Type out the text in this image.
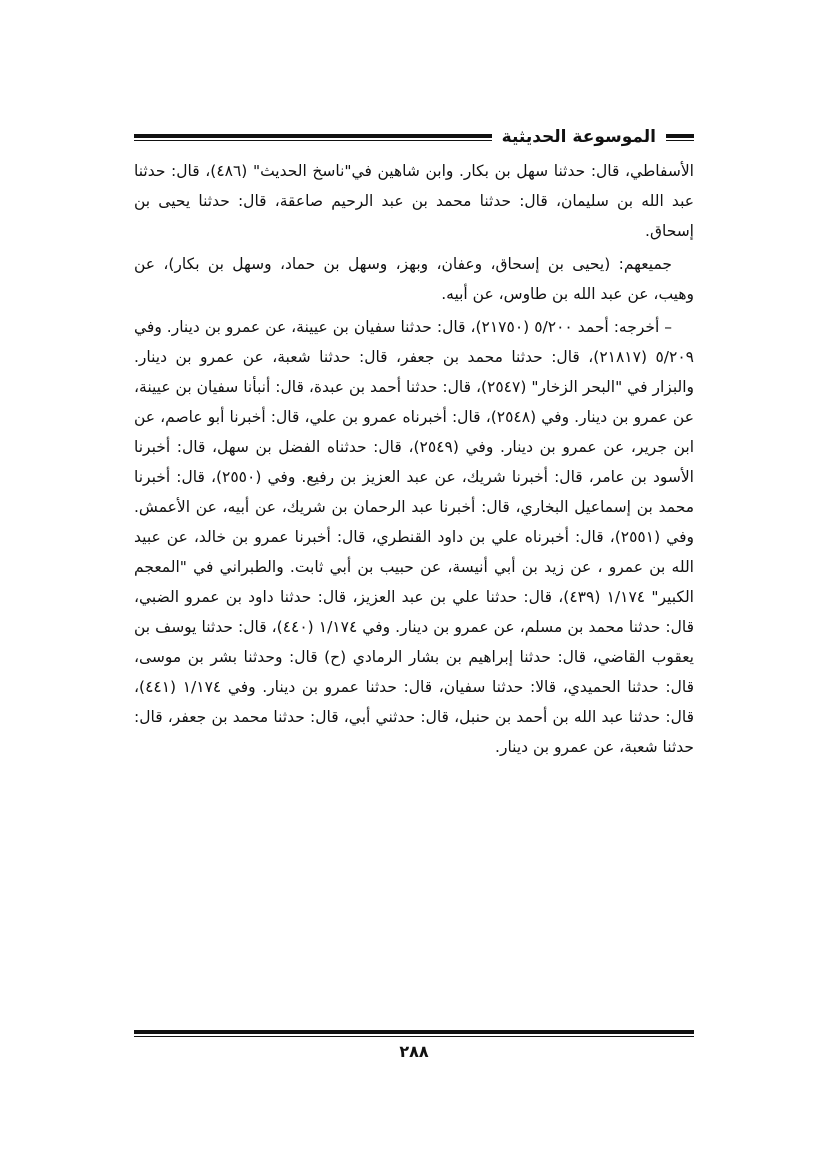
الموسوعة الحديثية

الأسفاطي، قال: حدثنا سهل بن بكار. وابن شاهين في"ناسخ الحديث" (٤٨٦)، قال: حدثنا عبد الله بن سليمان، قال: حدثنا محمد بن عبد الرحيم صاعقة، قال: حدثنا يحيى بن إسحاق.

جميعهم: (يحيى بن إسحاق، وعفان، وبهز، وسهل بن حماد، وسهل بن بكار)، عن وهيب، عن عبد الله بن طاوس، عن أبيه.

– أخرجه: أحمد ٥/٢٠٠ (٢١٧٥٠)، قال: حدثنا سفيان بن عيينة، عن عمرو بن دينار. وفي ٥/٢٠٩ (٢١٨١٧)، قال: حدثنا محمد بن جعفر، قال: حدثنا شعبة، عن عمرو بن دينار. والبزار في "البحر الزخار" (٢٥٤٧)، قال: حدثنا أحمد بن عبدة، قال: أنبأنا سفيان بن عيينة، عن عمرو بن دينار. وفي (٢٥٤٨)، قال: أخبرناه عمرو بن علي، قال: أخبرنا أبو عاصم، عن ابن جرير، عن عمرو بن دينار. وفي (٢٥٤٩)، قال: حدثناه الفضل بن سهل، قال: أخبرنا الأسود بن عامر، قال: أخبرنا شريك، عن عبد العزيز بن رفيع. وفي (٢٥٥٠)، قال: أخبرنا محمد بن إسماعيل البخاري، قال: أخبرنا عبد الرحمان بن شريك، عن أبيه، عن الأعمش. وفي (٢٥٥١)، قال: أخبرناه علي بن داود القنطري، قال: أخبرنا عمرو بن خالد، عن عبيد الله بن عمرو ، عن زيد بن أبي أنيسة، عن حبيب بن أبي ثابت. والطبراني في "المعجم الكبير" ١/١٧٤ (٤٣٩)، قال: حدثنا علي بن عبد العزيز، قال: حدثنا داود بن عمرو الضبي، قال: حدثنا محمد بن مسلم، عن عمرو بن دينار. وفي ١/١٧٤ (٤٤٠)، قال: حدثنا يوسف بن يعقوب القاضي، قال: حدثنا إبراهيم بن بشار الرمادي (ح) قال: وحدثنا بشر بن موسى، قال: حدثنا الحميدي، قالا: حدثنا سفيان، قال: حدثنا عمرو بن دينار. وفي ١/١٧٤ (٤٤١)، قال: حدثنا عبد الله بن أحمد بن حنبل، قال: حدثني أبي، قال: حدثنا محمد بن جعفر، قال: حدثنا شعبة، عن عمرو بن دينار.

٢٨٨
